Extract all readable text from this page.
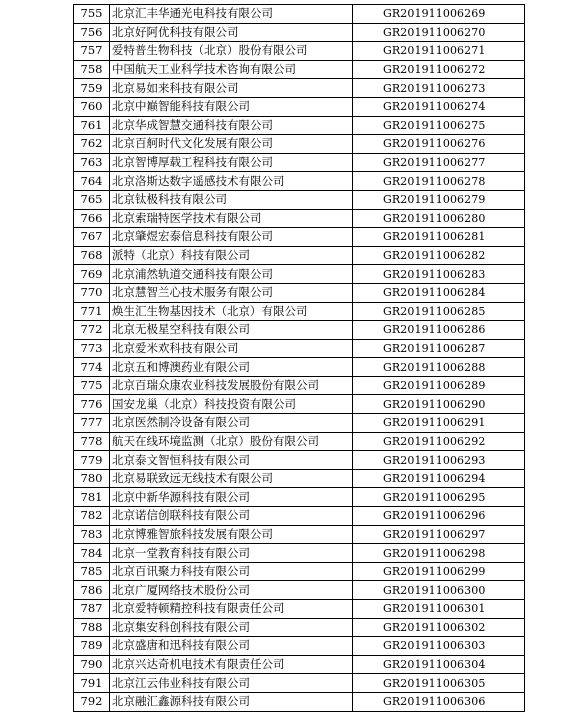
755	北京汇丰华通光电科技有限公司	GR201911006269
756	北京好阿优科技有限公司	GR201911006270
757	爱特普生物科技（北京）股份有限公司	GR201911006271
758	中国航天工业科学技术咨询有限公司	GR201911006272
759	北京易如来科技有限公司	GR201911006273
760	北京中巅智能科技有限公司	GR201911006274
761	北京华成智慧交通科技有限公司	GR201911006275
762	北京百舸时代文化发展有限公司	GR201911006276
763	北京智博厚载工程科技有限公司	GR201911006277
764	北京洛斯达数字遥感技术有限公司	GR201911006278
765	北京钛极科技有限公司	GR201911006279
766	北京索瑞特医学技术有限公司	GR201911006280
767	北京肇煜宏泰信息科技有限公司	GR201911006281
768	派特（北京）科技有限公司	GR201911006282
769	北京浦然轨道交通科技有限公司	GR201911006283
770	北京慧智兰心技术服务有限公司	GR201911006284
771	焕生汇生物基因技术（北京）有限公司	GR201911006285
772	北京无极星空科技有限公司	GR201911006286
773	北京爱米欢科技有限公司	GR201911006287
774	北京五和博澳药业有限公司	GR201911006288
775	北京百瑞众康农业科技发展股份有限公司	GR201911006289
776	国安龙巢（北京）科技投资有限公司	GR201911006290
777	北京医然制冷设备有限公司	GR201911006291
778	航天在线环境监测（北京）股份有限公司	GR201911006292
779	北京泰文智恒科技有限公司	GR201911006293
780	北京易联致远无线技术有限公司	GR201911006294
781	北京中新华源科技有限公司	GR201911006295
782	北京诺信创联科技有限公司	GR201911006296
783	北京博雅智旅科技发展有限公司	GR201911006297
784	北京一堂教育科技有限公司	GR201911006298
785	北京百讯聚力科技有限公司	GR201911006299
786	北京广厦网络技术股份公司	GR201911006300
787	北京爱特顿精控科技有限责任公司	GR201911006301
788	北京集安科创科技有限公司	GR201911006302
789	北京盛唐和迅科技有限公司	GR201911006303
790	北京兴达奇机电技术有限责任公司	GR201911006304
791	北京江云伟业科技有限公司	GR201911006305
792	北京融汇鑫源科技有限公司	GR201911006306
